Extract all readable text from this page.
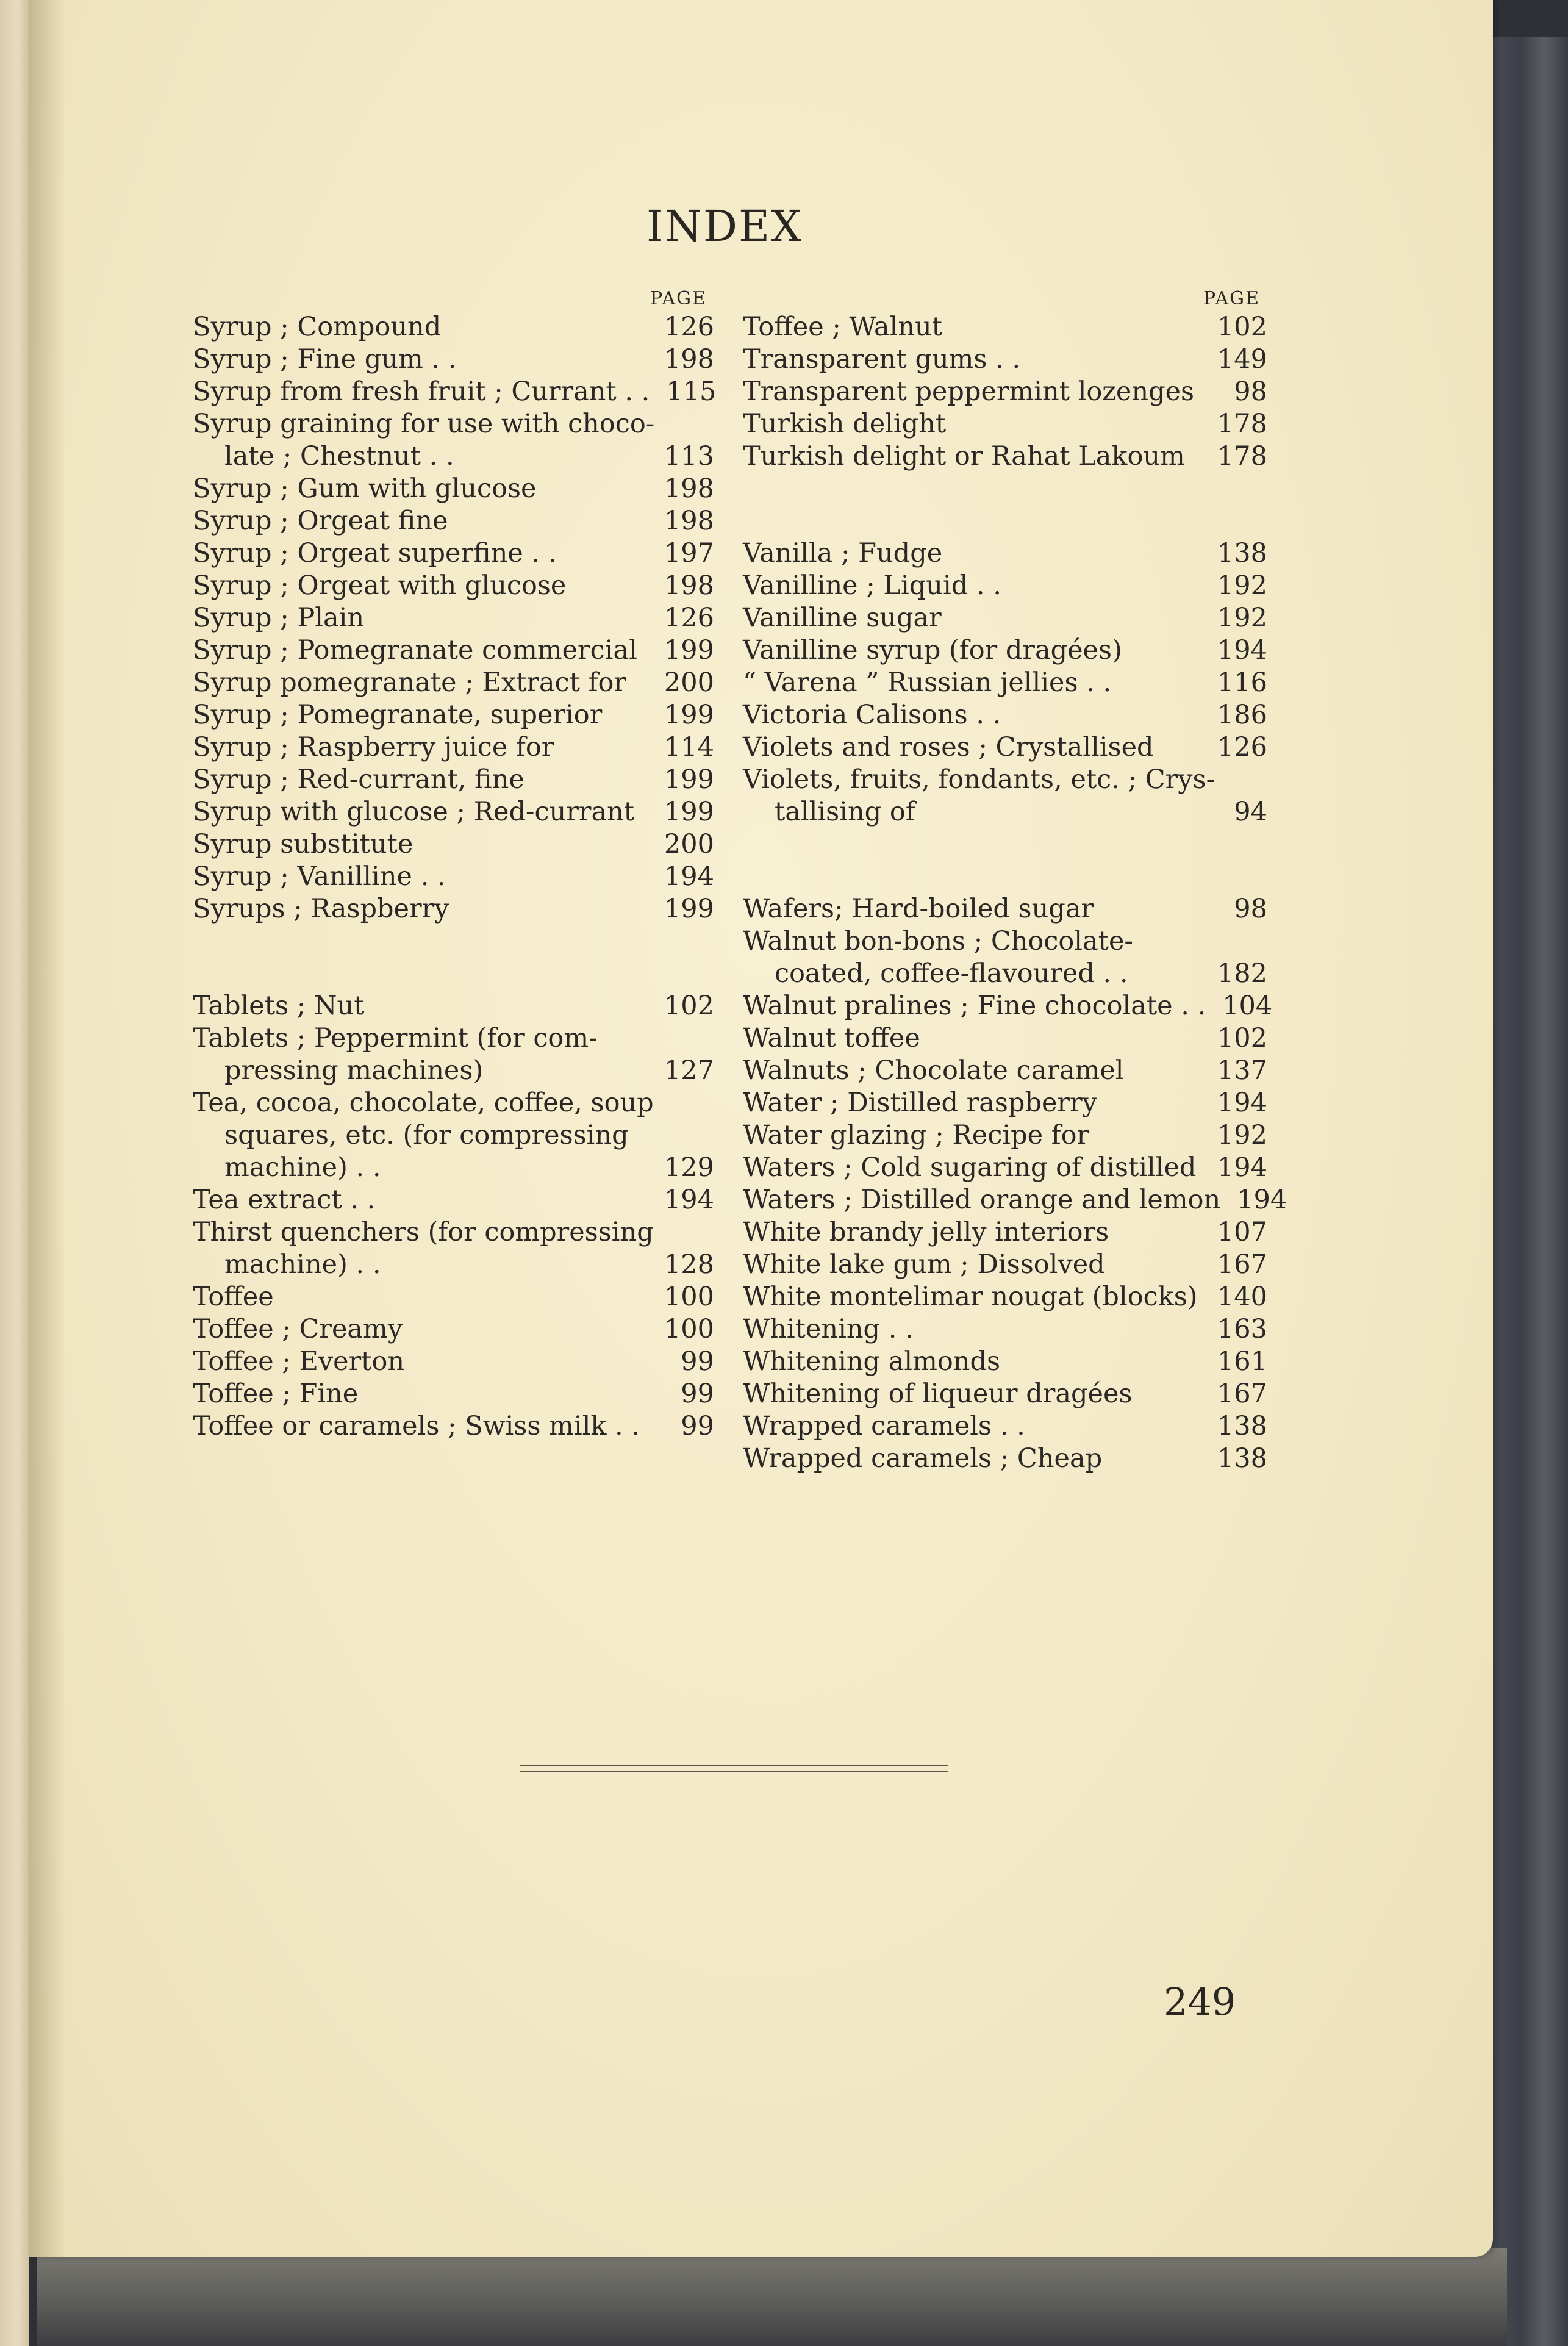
INDEX
PAGE
Syrup ; Compound	126
Syrup ; Fine gum . .	198
Syrup from fresh fruit ; Currant . . 115
Syrup graining for use with choco-
late ; Chestnut . .	113
Syrup ; Gum with glucose	198
Syrup ; Orgeat fine	198
Syrup ; Orgeat superfine . .	197
Syrup ; Orgeat with glucose	198
Syrup ; Plain	126
Syrup ; Pomegranate commercial	199
Syrup pomegranate ; Extract for	200
Syrup ; Pomegranate, superior	199
Syrup ; Raspberry juice for	114
Syrup ; Red-currant, fine	199
Syrup with glucose ; Red-currant	199
Syrup substitute	200
Syrup ; Vanilline . .	194
Syrups ; Raspberry	199
Tablets ; Nut	102
Tablets ; Peppermint (for com-
pressing machines)	127
Tea, cocoa, chocolate, coffee, soup
squares, etc. (for compressing
machine) . .	129
Tea extract . .	194
Thirst quenchers (for compressing
machine) . .	128
Toffee	100
Toffee ; Creamy	100
Toffee ; Everton	99
Toffee ; Fine	99
Toffee or caramels ; Swiss milk . .	99
PAGE
Toffee ; Walnut	102
Transparent gums . .	149
Transparent peppermint lozenges	98
Turkish delight	178
Turkish delight or Rahat Lakoum	178
Vanilla ; Fudge	138
Vanilline ; Liquid . .	192
Vanilline sugar	192
Vanilline syrup (for dragées)	194
“ Varena ” Russian jellies . .	116
Victoria Calisons . .	186
Violets and roses ; Crystallised	126
Violets, fruits, fondants, etc. ; Crys-
tallising of	94
Wafers; Hard-boiled sugar	98
Walnut bon-bons ; Chocolate-
coated, coffee-flavoured . .	182
Walnut pralines ; Fine chocolate . . 104
Walnut toffee	102
Walnuts ; Chocolate caramel	137
Water ; Distilled raspberry	194
Water glazing ; Recipe for	192
Waters ; Cold sugaring of distilled 194
Waters ; Distilled orange and lemon 194
White brandy jelly interiors	107
White lake gum ; Dissolved	167
White montelimar nougat (blocks) 140
Whitening . .	163
Whitening almonds	161
Whitening of liqueur dragées	167
Wrapped caramels . .	138
Wrapped caramels ; Cheap	138
249
